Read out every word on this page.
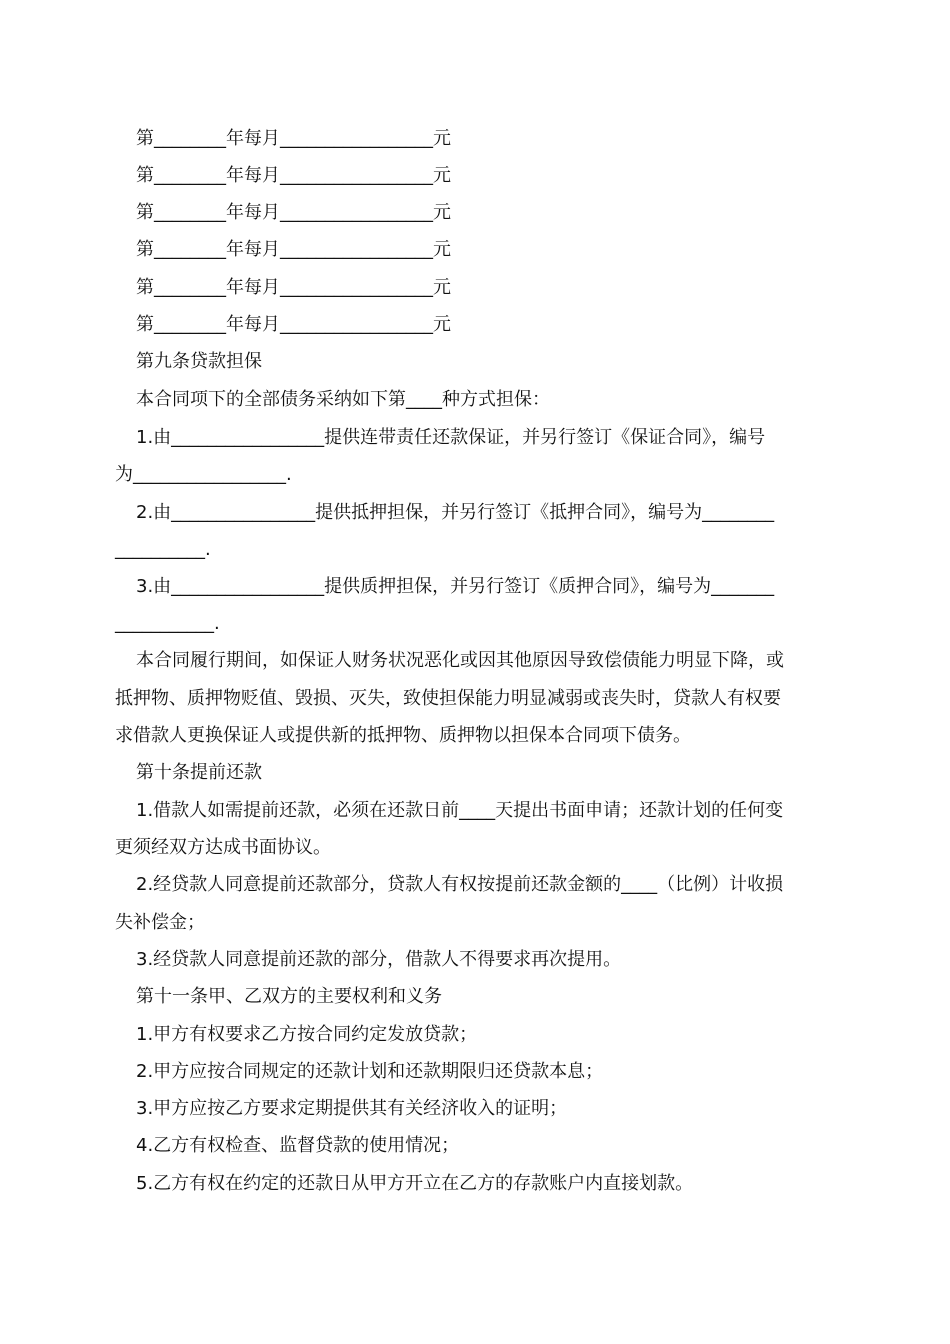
第________年每月_________________元
第________年每月_________________元
第________年每月_________________元
第________年每月_________________元
第________年每月_________________元
第________年每月_________________元
第九条贷款担保
本合同项下的全部债务采纳如下第____种方式担保：
1.由_________________提供连带责任还款保证，并另行签订《保证合同》，编号
为_________________.
2.由________________提供抵押担保，并另行签订《抵押合同》，编号为________
__________.
3.由_________________提供质押担保，并另行签订《质押合同》，编号为_______
___________.
本合同履行期间，如保证人财务状况恶化或因其他原因导致偿债能力明显下降，或
抵押物、质押物贬值、毁损、灭失，致使担保能力明显减弱或丧失时，贷款人有权要
求借款人更换保证人或提供新的抵押物、质押物以担保本合同项下债务。
第十条提前还款
1.借款人如需提前还款，必须在还款日前____天提出书面申请；还款计划的任何变
更须经双方达成书面协议。
2.经贷款人同意提前还款部分，贷款人有权按提前还款金额的____（比例）计收损
失补偿金；
3.经贷款人同意提前还款的部分，借款人不得要求再次提用。
第十一条甲、乙双方的主要权利和义务
1.甲方有权要求乙方按合同约定发放贷款；
2.甲方应按合同规定的还款计划和还款期限归还贷款本息；
3.甲方应按乙方要求定期提供其有关经济收入的证明；
4.乙方有权检查、监督贷款的使用情况；
5.乙方有权在约定的还款日从甲方开立在乙方的存款账户内直接划款。
